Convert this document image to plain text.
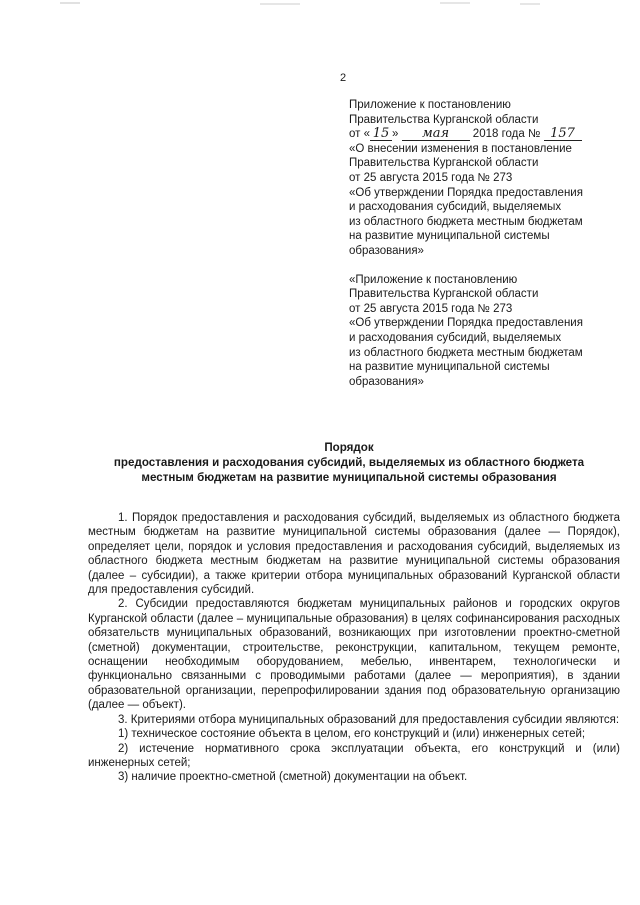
2

Приложение к постановлению

Правительства Курганской области

от « 15 » мая 2018 года № 157

«О внесении изменения в постановление

Правительства Курганской области

от 25 августа 2015 года № 273

«Об утверждении Порядка предоставления

и расходования субсидий, выделяемых

из областного бюджета местным бюджетам

на развитие муниципальной системы

образования»

«Приложение к постановлению

Правительства Курганской области

от 25 августа 2015 года № 273

«Об утверждении Порядка предоставления

и расходования субсидий, выделяемых

из областного бюджета местным бюджетам

на развитие муниципальной системы

образования»

Порядок

предоставления и расходования субсидий, выделяемых из областного бюджета

местным бюджетам на развитие муниципальной системы образования

1. Порядок предоставления и расходования субсидий, выделяемых из областного бюджета местным бюджетам на развитие муниципальной системы образования (далее — Порядок), определяет цели, порядок и условия предоставления и расходования субсидий, выделяемых из областного бюджета местным бюджетам на развитие муниципальной системы образования (далее – субсидии), а также критерии отбора муниципальных образований Курганской области для предоставления субсидий.

2. Субсидии предоставляются бюджетам муниципальных районов и городских округов Курганской области (далее – муниципальные образования) в целях софинансирования расходных обязательств муниципальных образований, возникающих при изготовлении проектно-сметной (сметной) документации, строительстве, реконструкции, капитальном, текущем ремонте, оснащении необходимым оборудованием, мебелью, инвентарем, технологически и функционально связанными с проводимыми работами (далее — мероприятия), в здании образовательной организации, перепрофилировании здания под образовательную организацию (далее — объект).

3. Критериями отбора муниципальных образований для предоставления субсидии являются:

1) техническое состояние объекта в целом, его конструкций и (или) инженерных сетей;

2) истечение нормативного срока эксплуатации объекта, его конструкций и (или) инженерных сетей;

3) наличие проектно-сметной (сметной) документации на объект.
